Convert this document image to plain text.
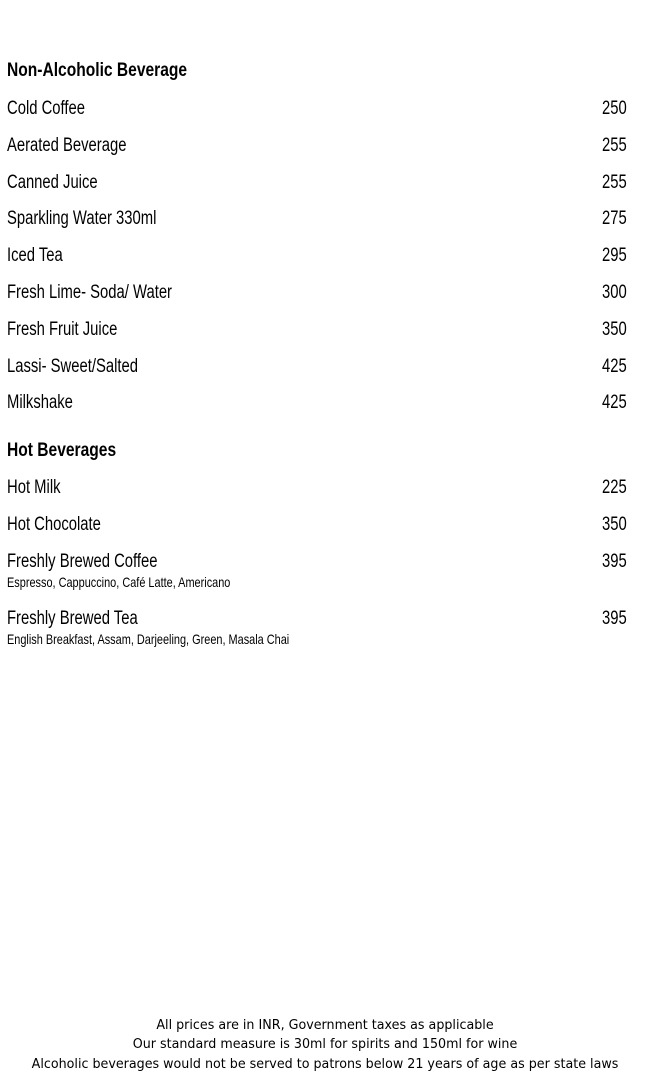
Non-Alcoholic Beverage
Cold Coffee	250
Aerated Beverage	255
Canned Juice	255
Sparkling Water 330ml	275
Iced Tea	295
Fresh Lime- Soda/ Water	300
Fresh Fruit Juice	350
Lassi- Sweet/Salted	425
Milkshake	425
Hot Beverages
Hot Milk	225
Hot Chocolate	350
Freshly Brewed Coffee	395
Espresso, Cappuccino, Café Latte, Americano
Freshly Brewed Tea	395
English Breakfast, Assam, Darjeeling, Green, Masala Chai
All prices are in INR, Government taxes as applicable
Our standard measure is 30ml for spirits and 150ml for wine
Alcoholic beverages would not be served to patrons below 21 years of age as per state laws
